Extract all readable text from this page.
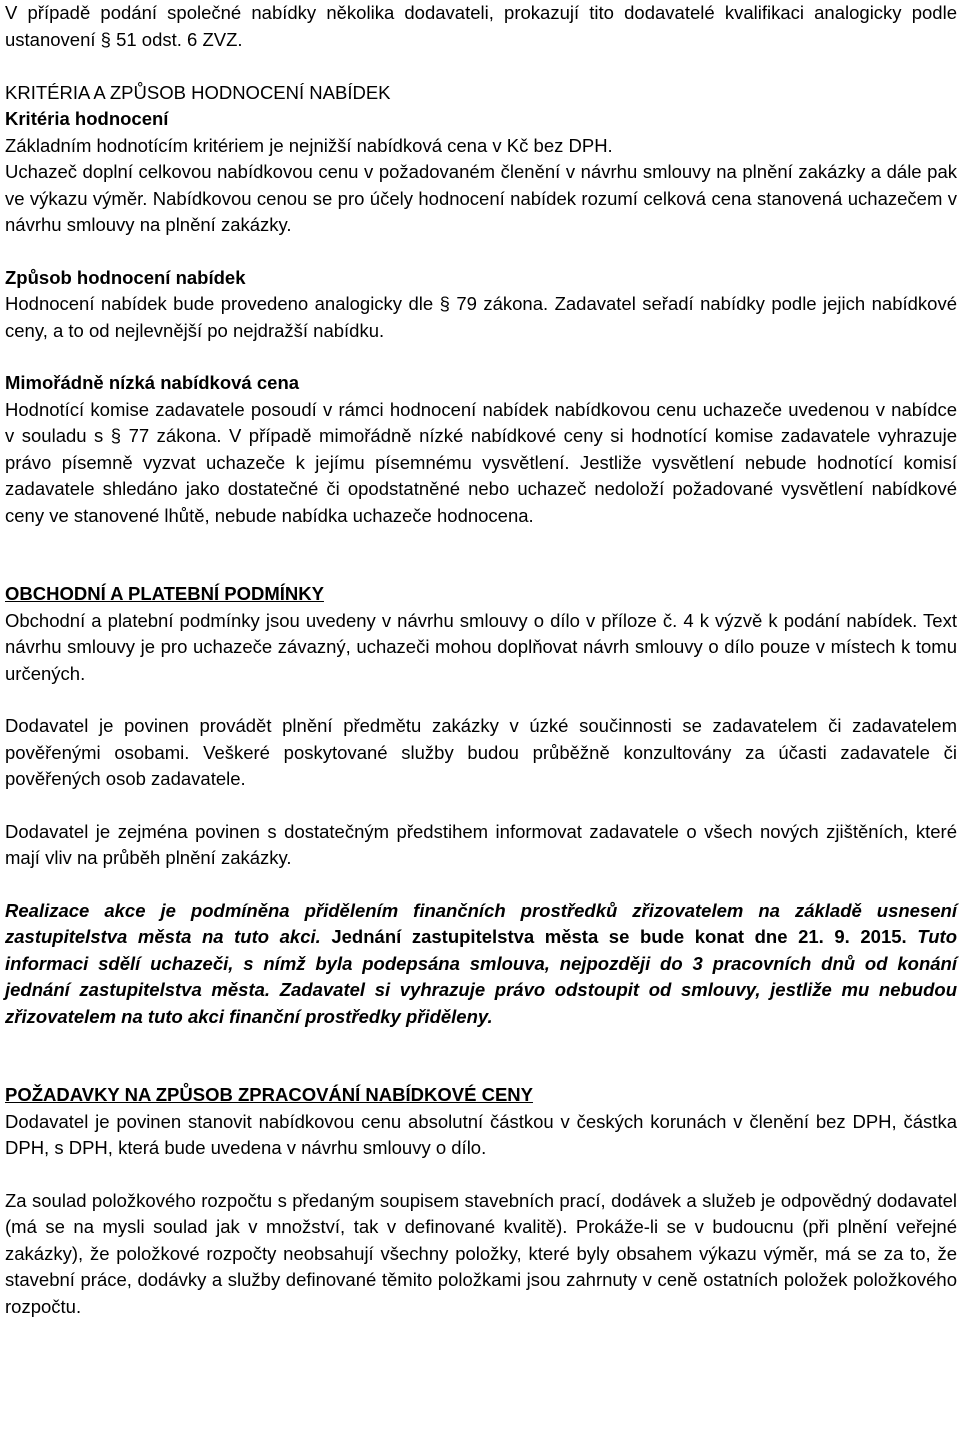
V případě podání společné nabídky několika dodavateli, prokazují tito dodavatelé kvalifikaci analogicky podle ustanovení § 51 odst. 6 ZVZ.

KRITÉRIA A ZPŮSOB HODNOCENÍ NABÍDEK

Kritéria hodnocení

Základním hodnotícím kritériem je nejnižší nabídková cena v Kč bez DPH.

Uchazeč doplní celkovou nabídkovou cenu v požadovaném členění v návrhu smlouvy na plnění zakázky a dále pak ve výkazu výměr. Nabídkovou cenou se pro účely hodnocení nabídek rozumí celková cena stanovená uchazečem v návrhu smlouvy na plnění zakázky.

Způsob hodnocení nabídek

Hodnocení nabídek bude provedeno analogicky dle § 79 zákona. Zadavatel seřadí nabídky podle jejich nabídkové ceny, a to od nejlevnější po nejdražší nabídku.

Mimořádně nízká nabídková cena

Hodnotící komise zadavatele posoudí v rámci hodnocení nabídek nabídkovou cenu uchazeče uvedenou v nabídce v souladu s § 77 zákona. V případě mimořádně nízké nabídkové ceny si hodnotící komise zadavatele vyhrazuje právo písemně vyzvat uchazeče k jejímu písemnému vysvětlení. Jestliže vysvětlení nebude hodnotící komisí zadavatele shledáno jako dostatečné či opodstatněné nebo uchazeč nedoloží požadované vysvětlení nabídkové ceny ve stanovené lhůtě, nebude nabídka uchazeče hodnocena.

OBCHODNÍ A PLATEBNÍ PODMÍNKY

Obchodní a platební podmínky jsou uvedeny v návrhu smlouvy o dílo v příloze č. 4 k výzvě k podání nabídek. Text návrhu smlouvy je pro uchazeče závazný, uchazeči mohou doplňovat návrh smlouvy o dílo pouze v místech k tomu určených.

Dodavatel je povinen provádět plnění předmětu zakázky v úzké součinnosti se zadavatelem či zadavatelem pověřenými osobami. Veškeré poskytované služby budou průběžně konzultovány za účasti zadavatele či pověřených osob zadavatele.

Dodavatel je zejména povinen s dostatečným předstihem informovat zadavatele o všech nových zjištěních, které mají vliv na průběh plnění zakázky.

Realizace akce je podmíněna přidělením finančních prostředků zřizovatelem na základě usnesení zastupitelstva města na tuto akci. Jednání zastupitelstva města se bude konat dne 21. 9. 2015. Tuto informaci sdělí uchazeči, s nímž byla podepsána smlouva, nejpozději do 3 pracovních dnů od konání jednání zastupitelstva města. Zadavatel si vyhrazuje právo odstoupit od smlouvy, jestliže mu nebudou zřizovatelem na tuto akci finanční prostředky přiděleny.

POŽADAVKY NA ZPŮSOB ZPRACOVÁNÍ NABÍDKOVÉ CENY

Dodavatel je povinen stanovit nabídkovou cenu absolutní částkou v českých korunách v členění bez DPH, částka DPH, s DPH, která bude uvedena v návrhu smlouvy o dílo.

Za soulad položkového rozpočtu s předaným soupisem stavebních prací, dodávek a služeb je odpovědný dodavatel (má se na mysli soulad jak v množství, tak v definované kvalitě). Prokáže-li se v budoucnu (při plnění veřejné zakázky), že položkové rozpočty neobsahují všechny položky, které byly obsahem výkazu výměr, má se za to, že stavební práce, dodávky a služby definované těmito položkami jsou zahrnuty v ceně ostatních položek položkového rozpočtu.
